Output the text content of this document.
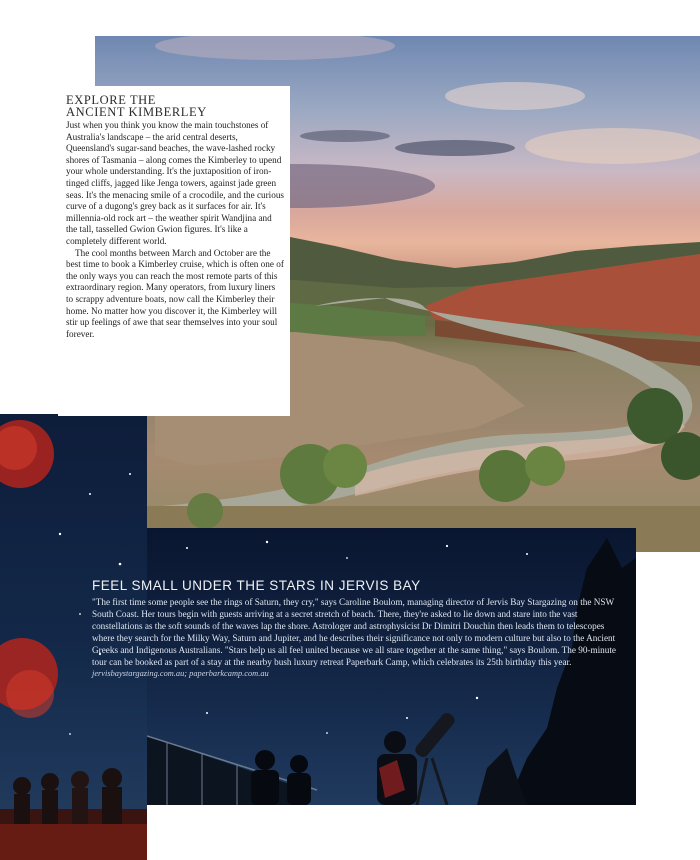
EXPLORE THE
ANCIENT KIMBERLEY

Just when you think you know the main touchstones of Australia's landscape – the arid central deserts, Queensland's sugar-sand beaches, the wave-lashed rocky shores of Tasmania – along comes the Kimberley to upend your whole understanding. It's the juxtaposition of iron-tinged cliffs, jagged like Jenga towers, against jade green seas. It's the menacing smile of a crocodile, and the curious curve of a dugong's grey back as it surfaces for air. It's millennia-old rock art – the weather spirit Wandjina and the tall, tasselled Gwion Gwion figures. It's like a completely different world.

The cool months between March and October are the best time to book a Kimberley cruise, which is often one of the only ways you can reach the most remote parts of this extraordinary region. Many operators, from luxury liners to scrappy adventure boats, now call the Kimberley their home. No matter how you discover it, the Kimberley will stir up feelings of awe that sear themselves into your soul forever.

FEEL SMALL UNDER THE STARS IN JERVIS BAY

"The first time some people see the rings of Saturn, they cry," says Caroline Boulom, managing director of Jervis Bay Stargazing on the NSW South Coast. Her tours begin with guests arriving at a secret stretch of beach. There, they're asked to lie down and stare into the vast constellations as the soft sounds of the waves lap the shore. Astrologer and astrophysicist Dr Dimitri Douchin then leads them to telescopes where they search for the Milky Way, Saturn and Jupiter, and he describes their significance not only to modern culture but also to the Ancient Greeks and Indigenous Australians. "Stars help us all feel united because we all stare together at the same thing," says Boulom. The 90-minute tour can be booked as part of a stay at the nearby bush luxury retreat Paperbark Camp, which celebrates its 25th birthday this year.

jervisbaystargazing.com.au; paperbarkcamp.com.au
